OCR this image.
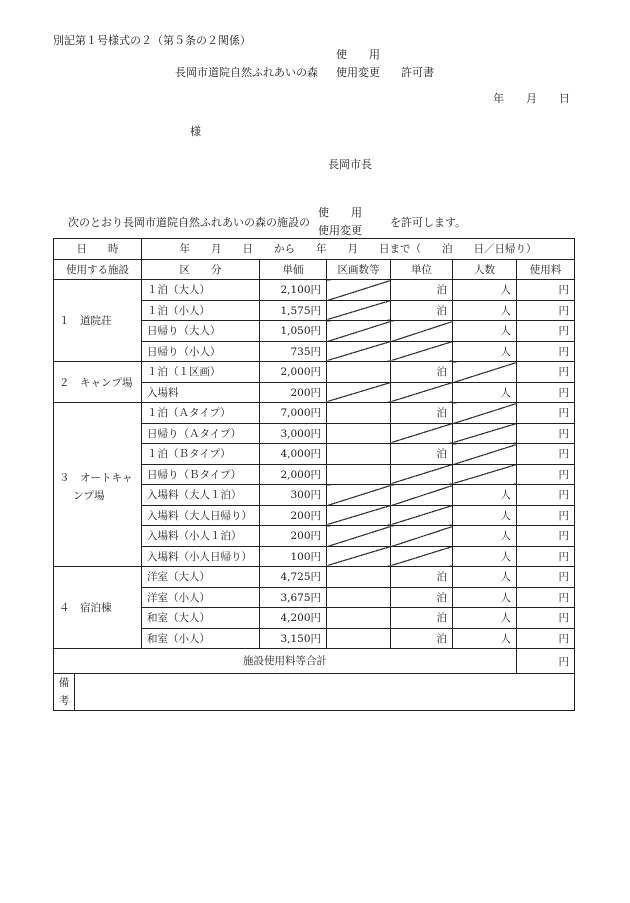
別記第１号様式の２（第５条の２関係）
長岡市道院自然ふれあいの森
使　　用
使用変更 許可書
年　　月　　日
様
長岡市長
次のとおり長岡市道院自然ふれあいの森の施設の
使　　用
使用変更
を許可します。
日　　時	年　　月　　日　　から　　年　　月　　日まで（　　泊　　日／日帰り）					
使用する施設	区　　分	単価	区画数等	単位	人数	使用料
１　道院荘	１泊（大人）	2,100円		泊	人	円
	１泊（小人）	1,575円		泊	人	円
	日帰り（大人）	1,050円			人	円
	日帰り（小人）	735円			人	円
２　キャンプ場	１泊（１区画）	2,000円		泊		円
	入場料	200円			人	円

３　オートキャ
ンプ場	１泊（Ａタイプ）	7,000円		泊		円
	日帰り（Ａタイプ）	3,000円				円
	１泊（Ｂタイプ）	4,000円		泊		円
	日帰り（Ｂタイプ）	2,000円				円
	入場料（大人１泊）	300円			人	円
	入場料（大人日帰り）	200円			人	円
	入場料（小人１泊）	200円			人	円
	入場料（小人日帰り）	100円			人	円
４　宿泊棟	洋室（大人）	4,725円		泊	人	円
	洋室（小人）	3,675円		泊	人	円
	和室（大人）	4,200円		泊	人	円
	和室（小人）	3,150円		泊	人	円
施設使用料等合計						円

備
考						
